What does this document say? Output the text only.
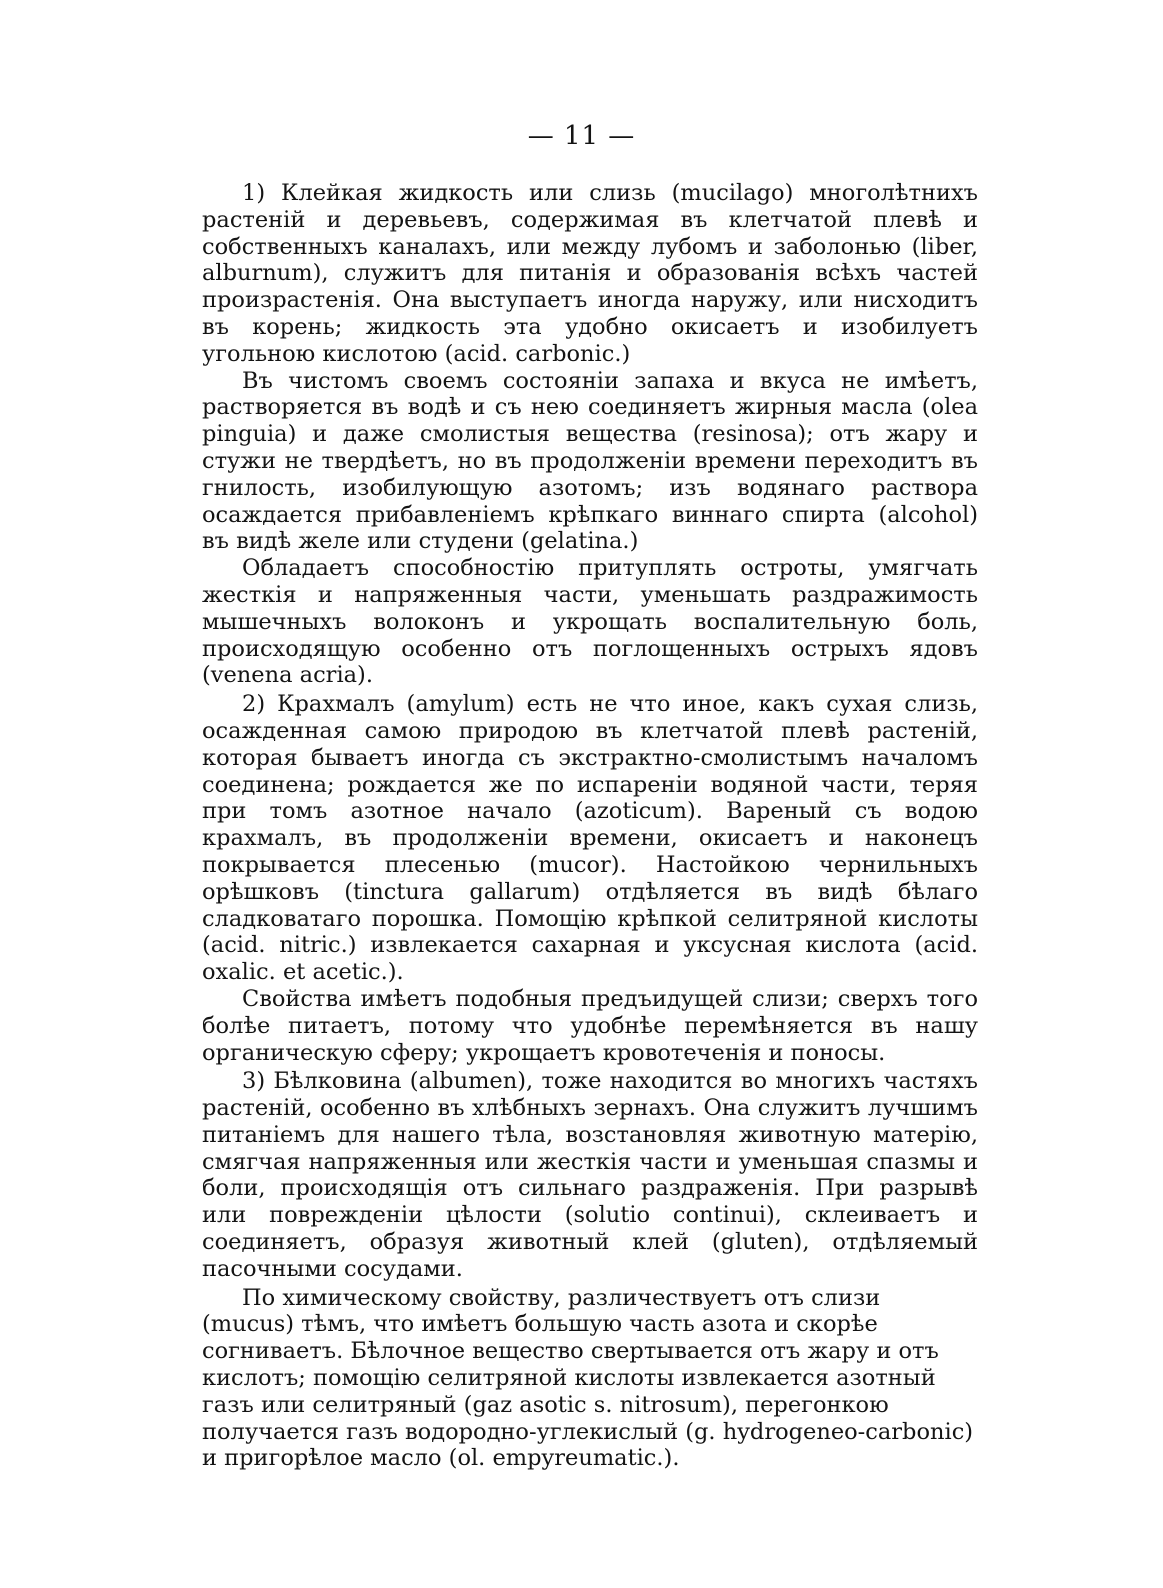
— 11 —

1) Клейкая жидкость или слизь (mucilago) многолѣтнихъ растеній и деревьевъ, содержимая въ клетчатой плевѣ и собственныхъ каналахъ, или между лубомъ и заболонью (liber, alburnum), служитъ для питанія и образованія всѣхъ частей произрастенія. Она выступаетъ иногда наружу, или нисходитъ въ корень; жидкость эта удобно окисаетъ и изобилуетъ угольною кислотою (acid. carbonic.)

Въ чистомъ своемъ состояніи запаха и вкуса не имѣетъ, растворяется въ водѣ и съ нею соединяетъ жирныя масла (olea pinguia) и даже смолистыя вещества (resinosa); отъ жару и стужи не твердѣетъ, но въ продолженіи времени переходитъ въ гнилость, изобилующую азотомъ; изъ водянаго раствора осаждается прибавленіемъ крѣпкаго виннаго спирта (alcohol) въ видѣ желе или студени (gelatina.)

Обладаетъ способностію притуплять остроты, умягчать жесткія и напряженныя части, уменьшать раздражимость мышечныхъ волоконъ и укрощать воспалительную боль, происходящую особенно отъ поглощенныхъ острыхъ ядовъ (venena acria).

2) Крахмалъ (amylum) есть не что иное, какъ сухая слизь, осажденная самою природою въ клетчатой плевѣ растеній, которая бываетъ иногда съ экстрактно-смолистымъ началомъ соединена; рождается же по испареніи водяной части, теряя при томъ азотное начало (azoticum). Вареный съ водою крахмалъ, въ продолженіи времени, окисаетъ и наконецъ покрывается плесенью (mucor). Настойкою чернильныхъ орѣшковъ (tinctura gallarum) отдѣляется въ видѣ бѣлаго сладковатаго порошка. Помощію крѣпкой селитряной кислоты (acid. nitric.) извлекается сахарная и уксусная кислота (acid. oxalic. et acetic.).

Свойства имѣетъ подобныя предъидущей слизи; сверхъ того болѣе питаетъ, потому что удобнѣе перемѣняется въ нашу органическую сферу; укрощаетъ кровотеченія и поносы.

3) Бѣлковина (albumen), тоже находится во многихъ частяхъ растеній, особенно въ хлѣбныхъ зернахъ. Она служитъ лучшимъ питаніемъ для нашего тѣла, возстановляя животную матерію, смягчая напряженныя или жесткія части и уменьшая спазмы и боли, происходящія отъ сильнаго раздраженія. При разрывѣ или поврежденіи цѣлости (solutio continui), склеиваетъ и соединяетъ, образуя животный клей (gluten), отдѣляемый пасочными сосудами.

По химическому свойству, различествуетъ отъ слизи (mucus) тѣмъ, что имѣетъ большую часть азота и скорѣе согниваетъ. Бѣлочное вещество свертывается отъ жару и отъ кислотъ; помощію селитряной кислоты извлекается азотный газъ или селитряный (gaz asotic s. nitrosum), перегонкою получается газъ водородно-углекислый (g. hydrogeneo-carbonic) и пригорѣлое масло (ol. empyreumatic.).
